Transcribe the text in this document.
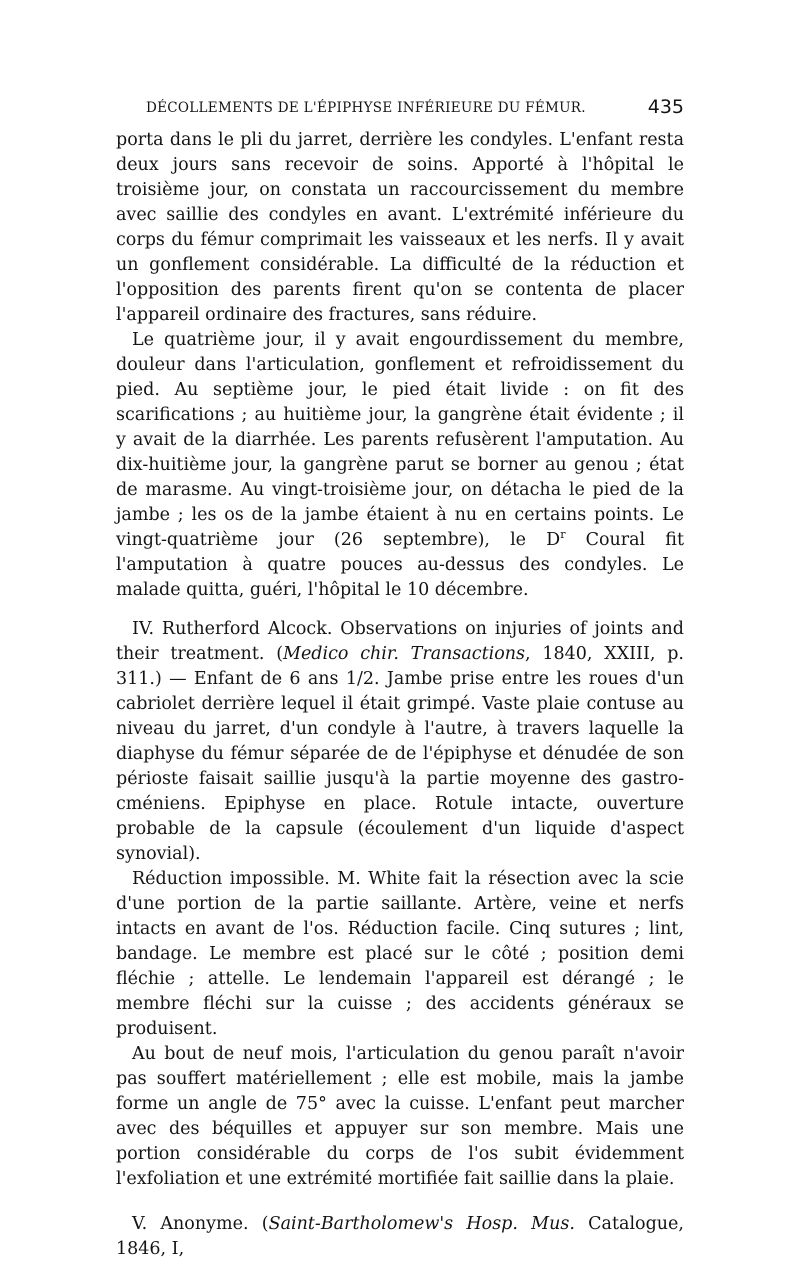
DÉCOLLEMENTS DE L'ÉPIPHYSE INFÉRIEURE DU FÉMUR.	435

porta dans le pli du jarret, derrière les condyles. L'enfant resta deux jours sans recevoir de soins. Apporté à l'hôpital le troisième jour, on constata un raccourcissement du membre avec saillie des condyles en avant. L'extrémité inférieure du corps du fémur comprimait les vaisseaux et les nerfs. Il y avait un gonflement considérable. La difficulté de la réduction et l'opposition des parents firent qu'on se contenta de placer l'appareil ordinaire des fractures, sans réduire.

Le quatrième jour, il y avait engourdissement du membre, douleur dans l'articulation, gonflement et refroidissement du pied. Au septième jour, le pied était livide : on fit des scarifications ; au huitième jour, la gangrène était évidente ; il y avait de la diarrhée. Les parents refusèrent l'amputation. Au dix-huitième jour, la gangrène parut se borner au genou ; état de marasme. Au vingt-troisième jour, on détacha le pied de la jambe ; les os de la jambe étaient à nu en certains points. Le vingt-quatrième jour (26 septembre), le $D^r$ Coural fit l'amputation à quatre pouces au-dessus des condyles. Le malade quitta, guéri, l'hôpital le 10 décembre.

IV. Rutherford Alcock. Observations on injuries of joints and their treatment. (Medico chir. Transactions, 1840, XXIII, p. 311.) — Enfant de 6 ans 1/2. Jambe prise entre les roues d'un cabriolet derrière lequel il était grimpé. Vaste plaie contuse au niveau du jarret, d'un condyle à l'autre, à travers laquelle la diaphyse du fémur séparée de de l'épiphyse et dénudée de son périoste faisait saillie jusqu'à la partie moyenne des gastro-cméniens. Epiphyse en place. Rotule intacte, ouverture probable de la capsule (écoulement d'un liquide d'aspect synovial).

Réduction impossible. M. White fait la résection avec la scie d'une portion de la partie saillante. Artère, veine et nerfs intacts en avant de l'os. Réduction facile. Cinq sutures ; lint, bandage. Le membre est placé sur le côté ; position demi fléchie ; attelle. Le lendemain l'appareil est dérangé ; le membre fléchi sur la cuisse ; des accidents généraux se produisent.

Au bout de neuf mois, l'articulation du genou paraît n'avoir pas souffert matériellement ; elle est mobile, mais la jambe forme un angle de 75° avec la cuisse. L'enfant peut marcher avec des béquilles et appuyer sur son membre. Mais une portion considérable du corps de l'os subit évidemment l'exfoliation et une extrémité mortifiée fait saillie dans la plaie.

V. Anonyme. (Saint-Bartholomew's Hosp. Mus. Catalogue, 1846, I,
